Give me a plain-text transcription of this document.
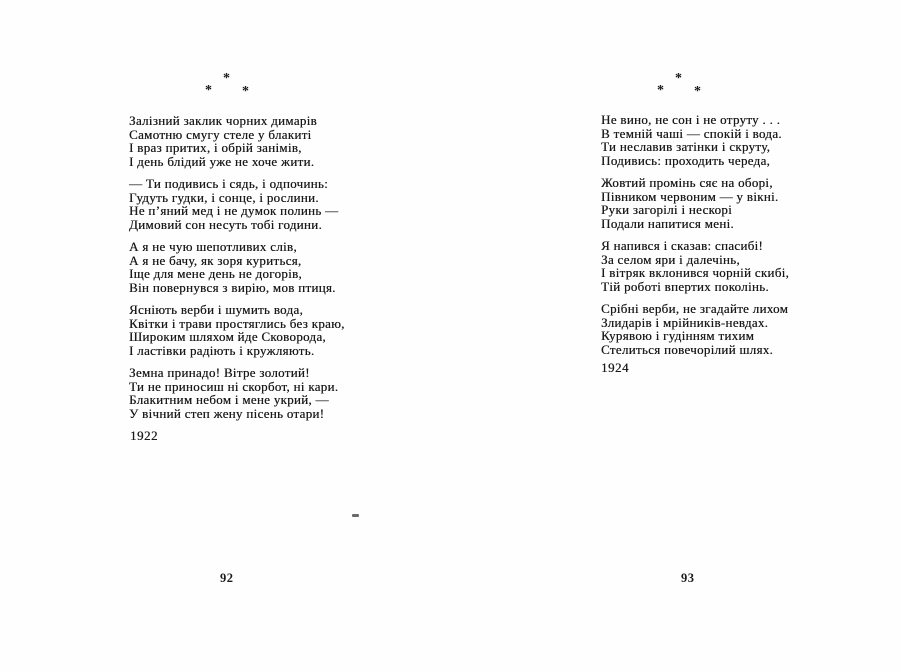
*
* *
Залізний заклик чорних димарів
Самотню смугу стеле у блакиті
І враз притих, і обрій занімів,
І день блідий уже не хоче жити.
— Ти подивись і сядь, і одпочинь:
Гудуть гудки, і сонце, і рослини.
Не п’яний мед і не думок полинь —
Димовий сон несуть тобі години.
А я не чую шепотливих слів,
А я не бачу, як зоря куриться,
Іще для мене день не догорів,
Він повернувся з вирію, мов птиця.
Ясніють верби і шумить вода,
Квітки і трави простяглись без краю,
Широким шляхом йде Сковорода,
І ластівки радіють і кружляють.
Земна принадо! Вітре золотий!
Ти не приносиш ні скорбот, ні кари.
Блакитним небом і мене укрий, —
У вічний степ жену пісень отари!
1922
92
*
* *
Не вино, не сон і не отруту . . .
В темній чаші — спокій і вода.
Ти неславив затінки і скруту,
Подивись: проходить череда,
Жовтий промінь сяє на оборі,
Півником червоним — у вікні.
Руки загорілі і нескорі
Подали напитися мені.
Я напився і сказав: спасибі!
За селом яри і далечінь,
І вітряк вклонився чорній скибі,
Тій роботі впертих поколінь.
Срібні верби, не згадайте лихом
Злидарів і мрійників-невдах.
Курявою і гудінням тихим
Стелиться повечорілий шлях.
1924
93
